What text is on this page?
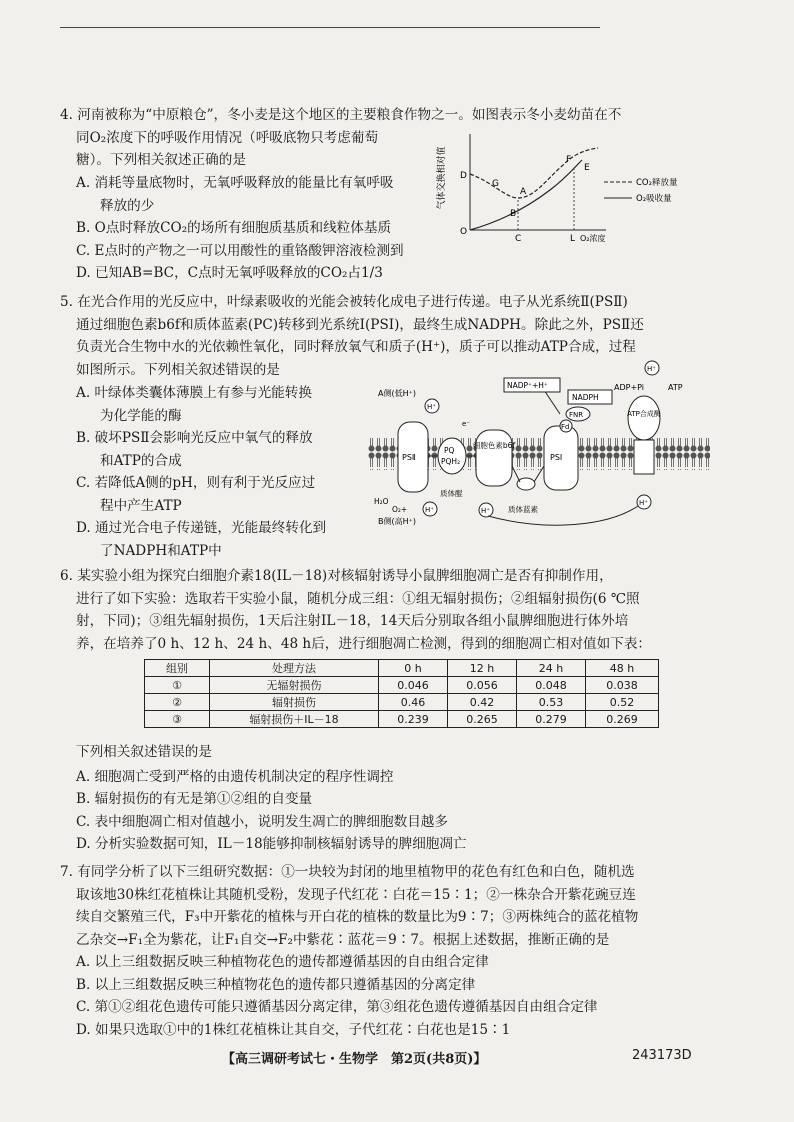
4. 河南被称为“中原粮仓”，冬小麦是这个地区的主要粮食作物之一。如图表示冬小麦幼苗在不
同O₂浓度下的呼吸作用情况（呼吸底物只考虑葡萄
糖）。下列相关叙述正确的是
A. 消耗等量底物时，无氧呼吸释放的能量比有氧呼吸
释放的少
B. O点时释放CO₂的场所有细胞质基质和线粒体基质
C. E点时的产物之一可以用酸性的重铬酸钾溶液检测到
D. 已知AB=BC，C点时无氧呼吸释放的CO₂占1/3
气体交换相对值 D
G
A
B
O
C
F
E
L O₂浓度
CO₂释放量
O₂吸收量
5. 在光合作用的光反应中，叶绿素吸收的光能会被转化成电子进行传递。电子从光系统Ⅱ(PSⅡ)
通过细胞色素b6f和质体蓝素(PC)转移到光系统Ⅰ(PSⅠ)，最终生成NADPH。除此之外，PSⅡ还
负责光合生物中水的光依赖性氧化，同时释放氧气和质子(H⁺)，质子可以推动ATP合成，过程
如图所示。下列相关叙述错误的是
A. 叶绿体类囊体薄膜上有参与光能转换
为化学能的酶
B. 破坏PSⅡ会影响光反应中氧气的释放
和ATP的合成
C. 若降低A侧的pH，则有利于光反应过
程中产生ATP
D. 通过光合电子传递链，光能最终转化到
了NADPH和ATP中
A侧(低H⁺)
B侧(高H⁺)
H⁺
PSⅡ
PQ
PQH₂
细胞色素b6f
PSⅠ
NADP⁺+H⁺
NADPH
FNR
Fd
ADP+Pi	ATP
H⁺
ATP合成酶
H⁺
H₂O
O₂+	H⁺	H⁺
质体醌
质体蓝素
e⁻
6. 某实验小组为探究白细胞介素18(IL－18)对核辐射诱导小鼠脾细胞凋亡是否有抑制作用，
进行了如下实验：选取若干实验小鼠，随机分成三组：①组无辐射损伤；②组辐射损伤(6 ℃照
射，下同)；③组先辐射损伤，1天后注射IL－18，14天后分别取各组小鼠脾细胞进行体外培
养，在培养了0 h、12 h、24 h、48 h后，进行细胞凋亡检测，得到的细胞凋亡相对值如下表：
组别	处理方法	0 h	12 h	24 h	48 h
①	无辐射损伤	0.046	0.056	0.048	0.038
②	辐射损伤	0.46	0.42	0.53	0.52
③	辐射损伤＋IL－18	0.239	0.265	0.279	0.269
下列相关叙述错误的是
A. 细胞凋亡受到严格的由遗传机制决定的程序性调控
B. 辐射损伤的有无是第①②组的自变量
C. 表中细胞凋亡相对值越小，说明发生凋亡的脾细胞数目越多
D. 分析实验数据可知，IL－18能够抑制核辐射诱导的脾细胞凋亡
7. 有同学分析了以下三组研究数据：①一块较为封闭的地里植物甲的花色有红色和白色，随机选
取该地30株红花植株让其随机受粉，发现子代红花∶白花＝15∶1；②一株杂合开紫花豌豆连
续自交繁殖三代，F₃中开紫花的植株与开白花的植株的数量比为9∶7；③两株纯合的蓝花植物
乙杂交→F₁全为紫花，让F₁自交→F₂中紫花∶蓝花＝9∶7。根据上述数据，推断正确的是
A. 以上三组数据反映三种植物花色的遗传都遵循基因的自由组合定律
B. 以上三组数据反映三种植物花色的遗传都只遵循基因的分离定律
C. 第①②组花色遗传可能只遵循基因分离定律，第③组花色遗传遵循基因自由组合定律
D. 如果只选取①中的1株红花植株让其自交，子代红花∶白花也是15∶1
【高三调研考试七・生物学　第2页(共8页)】	243173D
